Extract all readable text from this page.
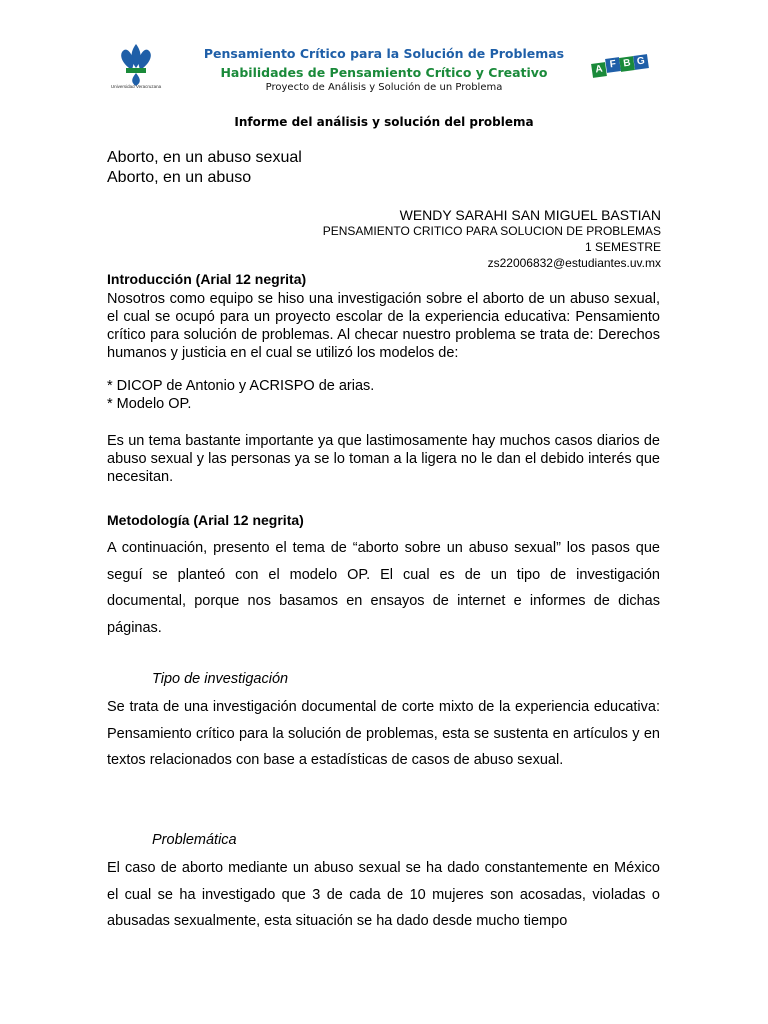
Universidad Veracruzana
Pensamiento Crítico para la Solución de Problemas
Habilidades de Pensamiento Crítico y Creativo
Proyecto de Análisis y Solución de un Problema
A F B G
Informe del análisis y solución del problema
Aborto, en un abuso sexual
Aborto, en un abuso
WENDY SARAHI SAN MIGUEL BASTIAN
PENSAMIENTO CRITICO PARA SOLUCION DE PROBLEMAS
1 SEMESTRE
zs22006832@estudiantes.uv.mx
Introducción (Arial 12 negrita)
Nosotros como equipo se hiso una investigación sobre el aborto de un abuso sexual, el cual se ocupó para un proyecto escolar de la experiencia educativa: Pensamiento crítico para solución de problemas. Al checar nuestro problema se trata de: Derechos humanos y justicia en el cual se utilizó los modelos de:
* DICOP de Antonio y ACRISPO de arias.
* Modelo OP.
Es un tema bastante importante ya que lastimosamente hay muchos casos diarios de abuso sexual y las personas ya se lo toman a la ligera no le dan el debido interés que necesitan.
Metodología (Arial 12 negrita)
A continuación, presento el tema de “aborto sobre un abuso sexual” los pasos que seguí se planteó con el modelo OP. El cual es de un tipo de investigación documental, porque nos basamos en ensayos de internet e informes de dichas páginas.
Tipo de investigación
Se trata de una investigación documental de corte mixto de la experiencia educativa: Pensamiento crítico para la solución de problemas, esta se sustenta en artículos y en textos relacionados con base a estadísticas de casos de abuso sexual.
Problemática
El caso de aborto mediante un abuso sexual se ha dado constantemente en México el cual se ha investigado que 3 de cada de 10 mujeres son acosadas, violadas o abusadas sexualmente, esta situación se ha dado desde mucho tiempo
